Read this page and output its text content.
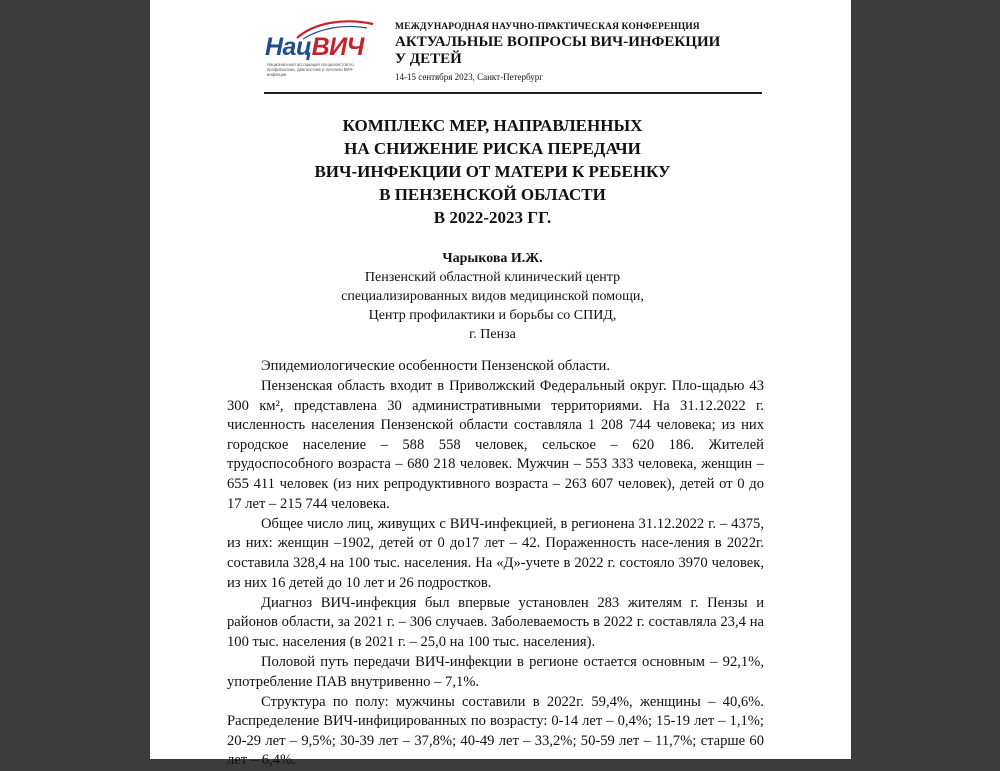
НацВИЧ
Национальная ассоциация специалистов по профилактике, диагностике и лечению ВИЧ-инфекции
МЕЖДУНАРОДНАЯ НАУЧНО-ПРАКТИЧЕСКАЯ КОНФЕРЕНЦИЯ
АКТУАЛЬНЫЕ ВОПРОСЫ ВИЧ-ИНФЕКЦИИ
У ДЕТЕЙ
14-15 сентября 2023, Санкт-Петербург
КОМПЛЕКС МЕР, НАПРАВЛЕННЫХ
НА СНИЖЕНИЕ РИСКА ПЕРЕДАЧИ
ВИЧ-ИНФЕКЦИИ ОТ МАТЕРИ К РЕБЕНКУ
В ПЕНЗЕНСКОЙ ОБЛАСТИ
В 2022-2023 ГГ.
Чарыкова И.Ж.
Пензенский областной клинический центр
специализированных видов медицинской помощи,
Центр профилактики и борьбы со СПИД,
г. Пенза

Эпидемиологические особенности Пензенской области.

Пензенская область входит в Приволжский Федеральный округ. Пло-щадью 43 300 км², представлена 30 административными территориями. На 31.12.2022 г. численность населения Пензенской области составляла 1 208 744 человека; из них городское население – 588 558 человек, сельское – 620 186. Жителей трудоспособного возраста – 680 218 человек. Мужчин – 553 333 человека, женщин – 655 411 человек (из них репродуктивного возраста – 263 607 человек), детей от 0 до 17 лет – 215 744 человека.

Общее число лиц, живущих с ВИЧ-инфекцией, в регионена 31.12.2022 г. – 4375, из них: женщин –1902, детей от 0 до17 лет – 42. Пораженность насе-ления в 2022г. составила 328,4 на 100 тыс. населения. На «Д»-учете в 2022 г. состояло 3970 человек, из них 16 детей до 10 лет и 26 подростков.

Диагноз ВИЧ-инфекция был впервые установлен 283 жителям г. Пензы и районов области, за 2021 г. – 306 случаев. Заболеваемость в 2022 г. составляла 23,4 на 100 тыс. населения (в 2021 г. – 25,0 на 100 тыс. населения).

Половой путь передачи ВИЧ-инфекции в регионе остается основным – 92,1%, употребление ПАВ внутривенно – 7,1%.

Структура по полу: мужчины составили в 2022г. 59,4%, женщины – 40,6%. Распределение ВИЧ-инфицированных по возрасту: 0-14 лет – 0,4%; 15-19 лет – 1,1%; 20-29 лет – 9,5%; 30-39 лет – 37,8%; 40-49 лет – 33,2%; 50-59 лет – 11,7%; старше 60 лет – 6,4%.
